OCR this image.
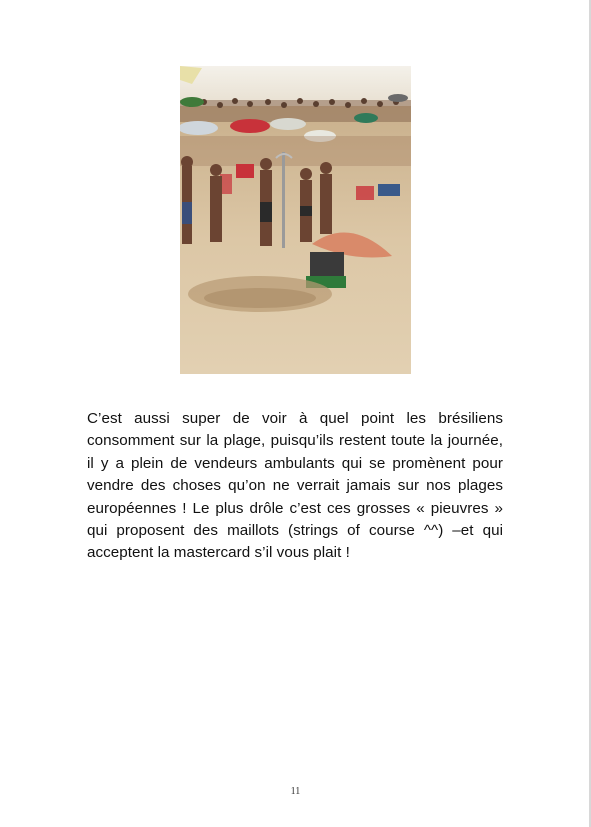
C’est aussi super de voir à quel point les brésiliens consomment sur la plage, puisqu’ils restent toute la journée, il y a plein de vendeurs ambulants qui se promènent pour vendre des choses qu’on ne verrait jamais sur nos plages européennes ! Le plus drôle c’est ces grosses « pieuvres » qui proposent des maillots (strings of course ^^) –et qui acceptent la mastercard s’il vous plait !

11
